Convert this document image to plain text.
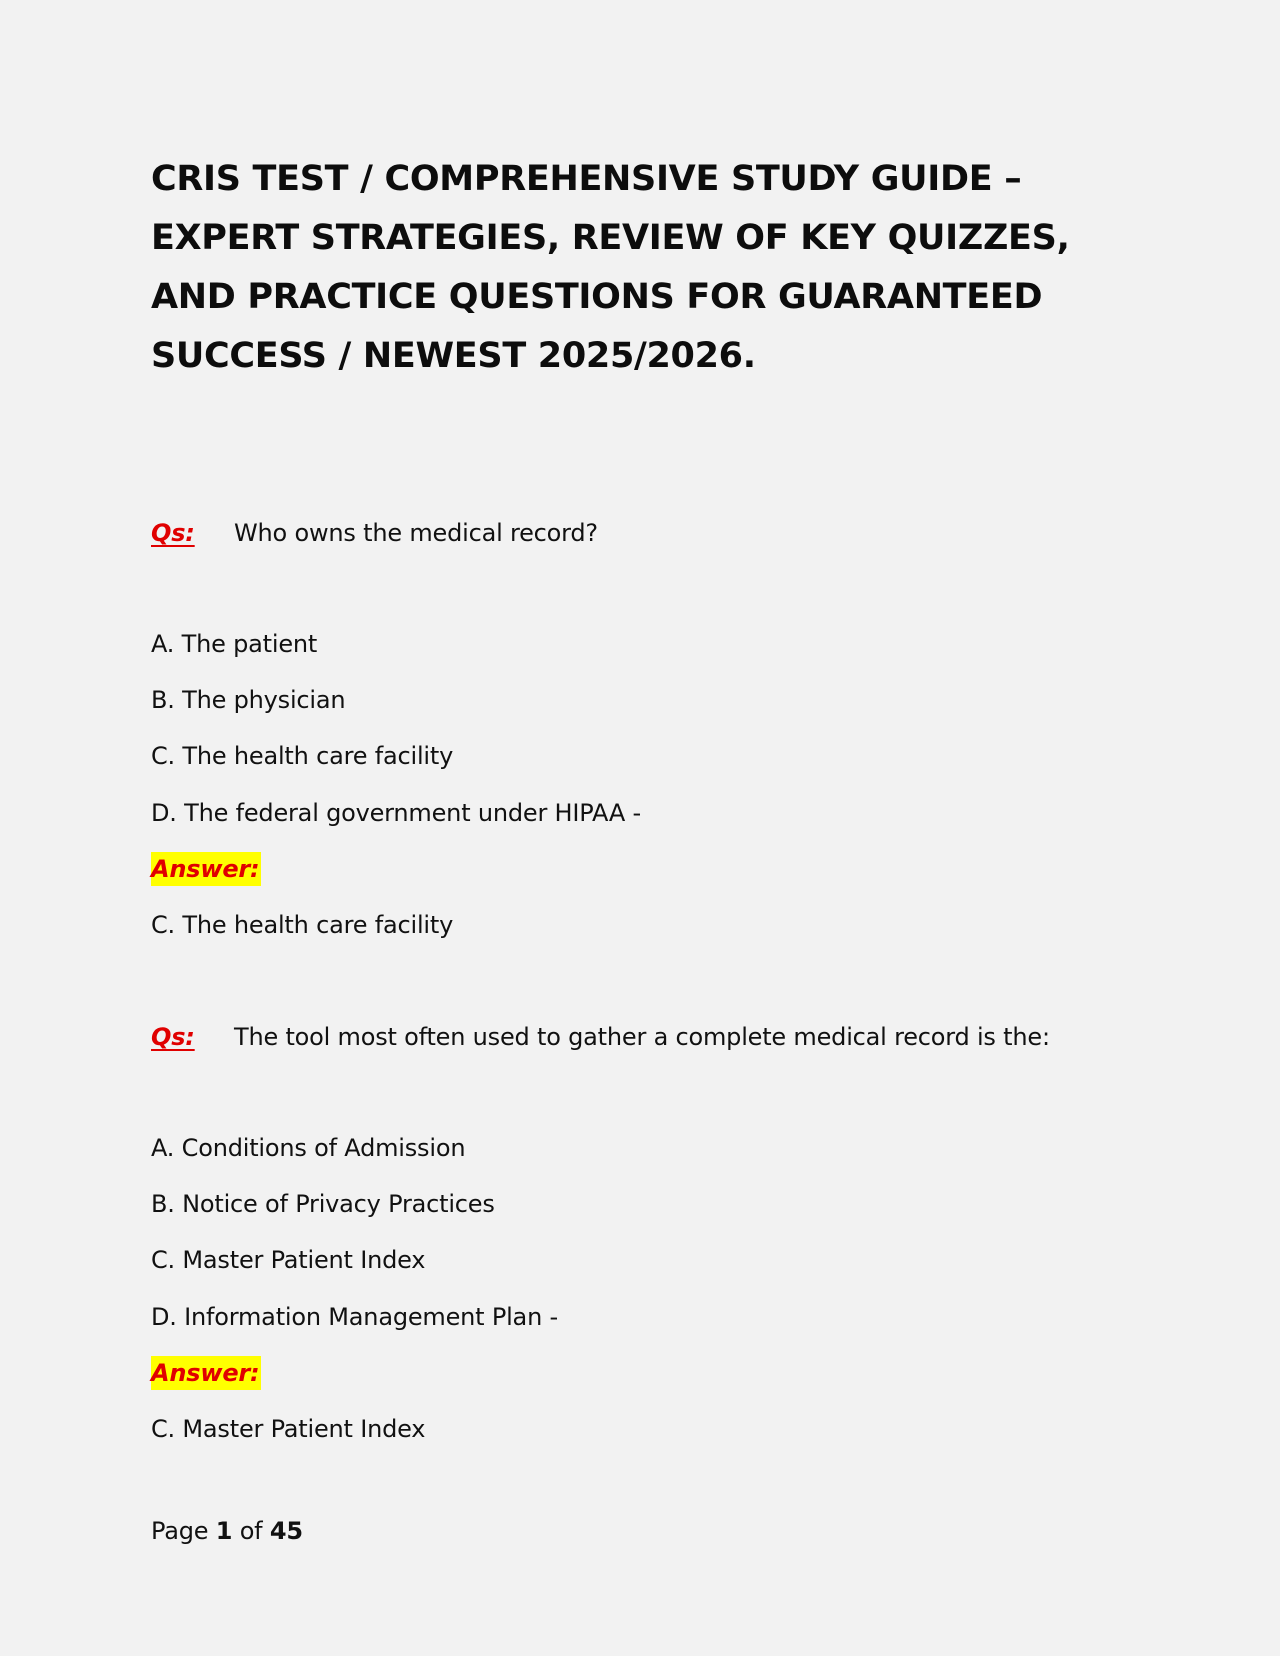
CRIS TEST / COMPREHENSIVE STUDY GUIDE – EXPERT STRATEGIES, REVIEW OF KEY QUIZZES, AND PRACTICE QUESTIONS FOR GUARANTEED SUCCESS / NEWEST 2025/2026.
Qs: Who owns the medical record?
A. The patient
B. The physician
C. The health care facility
D. The federal government under HIPAA -
Answer:
C. The health care facility
Qs: The tool most often used to gather a complete medical record is the:
A. Conditions of Admission
B. Notice of Privacy Practices
C. Master Patient Index
D. Information Management Plan -
Answer:
C. Master Patient Index
Page 1 of 45
